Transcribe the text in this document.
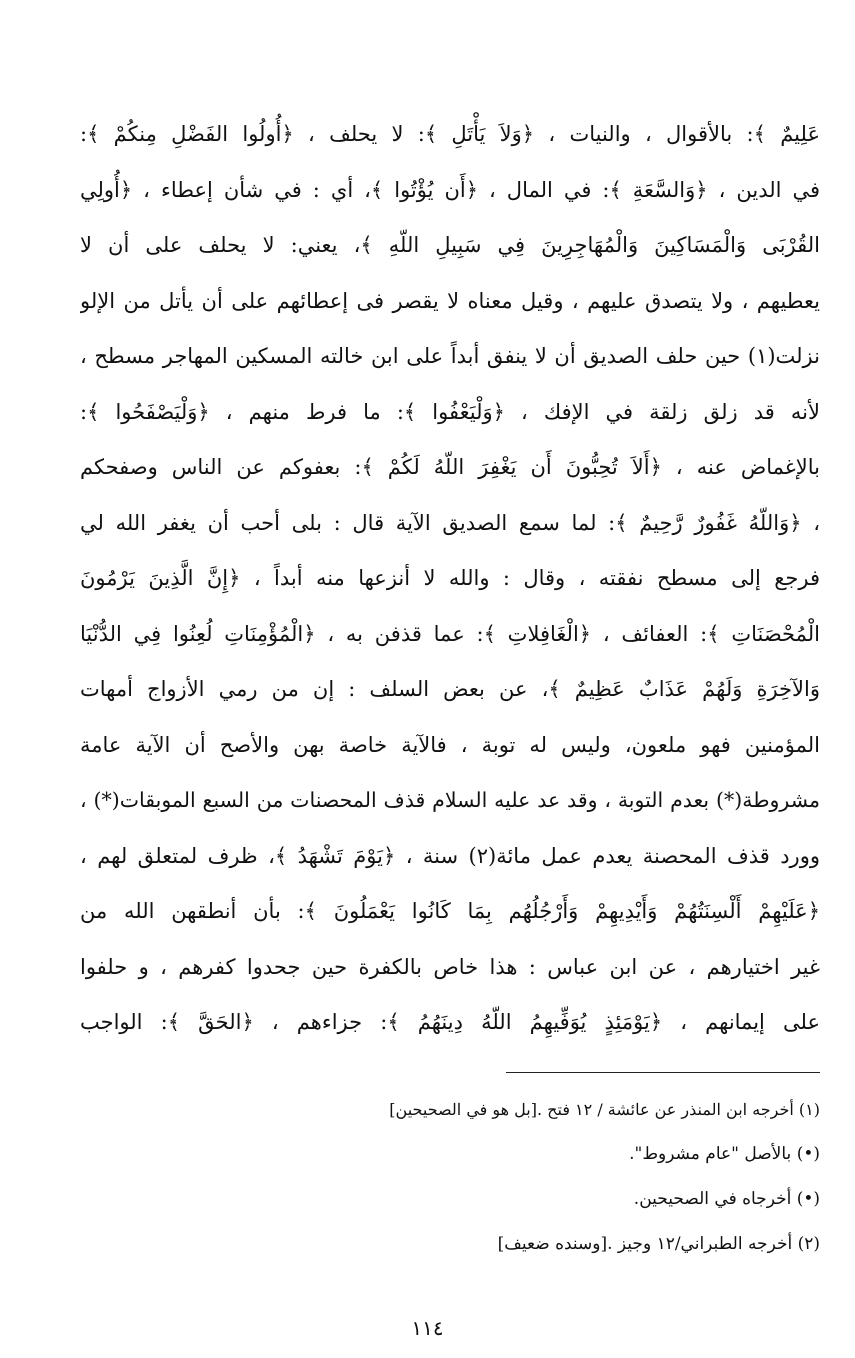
عَلِيمٌ ﴾: بالأقوال ، والنيات ، ﴿وَلاَ يَأْتَلِ ﴾: لا يحلف ، ﴿أُولُوا الفَضْلِ مِنكُمْ ﴾:
في الدين ، ﴿وَالسَّعَةِ ﴾: في المال ، ﴿أَن يُؤْتُوا ﴾، أي : في شأن إعطاء ، ﴿أُولِي
القُرْبَى وَالْمَسَاكِينَ وَالْمُهَاجِرِينَ فِي سَبِيلِ اللّهِ ﴾، يعني: لا يحلف على أن لا
يعطيهم ، ولا يتصدق عليهم ، وقيل معناه لا يقصر فى إعطائهم على أن يأتل من الإلو
نزلت(١) حين حلف الصديق أن لا ينفق أبداً على ابن خالته المسكين المهاجر مسطح ،
لأنه قد زلق زلقة في الإفك ، ﴿وَلْيَعْفُوا ﴾: ما فرط منهم ، ﴿وَلْيَصْفَحُوا ﴾:
بالإغماض عنه ، ﴿أَلاَ تُحِبُّونَ أَن يَغْفِرَ اللّهُ لَكُمْ ﴾: بعفوكم عن الناس وصفحكم
، ﴿وَاللّهُ غَفُورٌ رَّحِيمٌ ﴾: لما سمع الصديق الآية قال : بلى أحب أن يغفر الله لي
فرجع إلى مسطح نفقته ، وقال : والله لا أنزعها منه أبداً ، ﴿إِنَّ الَّذِينَ يَرْمُونَ
الْمُحْصَنَاتِ ﴾: العفائف ، ﴿الْغَافِلاتِ ﴾: عما قذفن به ، ﴿الْمُؤْمِنَاتِ لُعِنُوا فِي الدُّنْيَا
وَالآخِرَةِ وَلَهُمْ عَذَابٌ عَظِيمٌ ﴾، عن بعض السلف : إن من رمي الأزواج أمهات
المؤمنين فهو ملعون، وليس له توبة ، فالآية خاصة بهن والأصح أن الآية عامة
مشروطة(*) بعدم التوبة ، وقد عد عليه السلام قذف المحصنات من السبع الموبقات(*) ،
وورد قذف المحصنة يعدم عمل مائة(٢) سنة ، ﴿يَوْمَ تَشْهَدُ ﴾، ظرف لمتعلق لهم ،
﴿عَلَيْهِمْ أَلْسِنَتُهُمْ وَأَيْدِيهِمْ وَأَرْجُلُهُم بِمَا كَانُوا يَعْمَلُونَ ﴾: بأن أنطقهن الله من
غير اختيارهم ، عن ابن عباس : هذا خاص بالكفرة حين جحدوا كفرهم ، و حلفوا
على إيمانهم ، ﴿يَوْمَئِذٍ يُوَفِّيهِمُ اللّهُ دِينَهُمُ ﴾: جزاءهم ، ﴿الحَقَّ ﴾: الواجب
(١) أخرجه ابن المنذر عن عائشة / ١٢ فتح .[بل هو في الصحيحين]
(•) بالأصل "عام مشروط".
(•) أخرجاه في الصحيحين.
(٢) أخرجه الطبراني/١٢ وجيز .[وسنده ضعيف]
١١٤
